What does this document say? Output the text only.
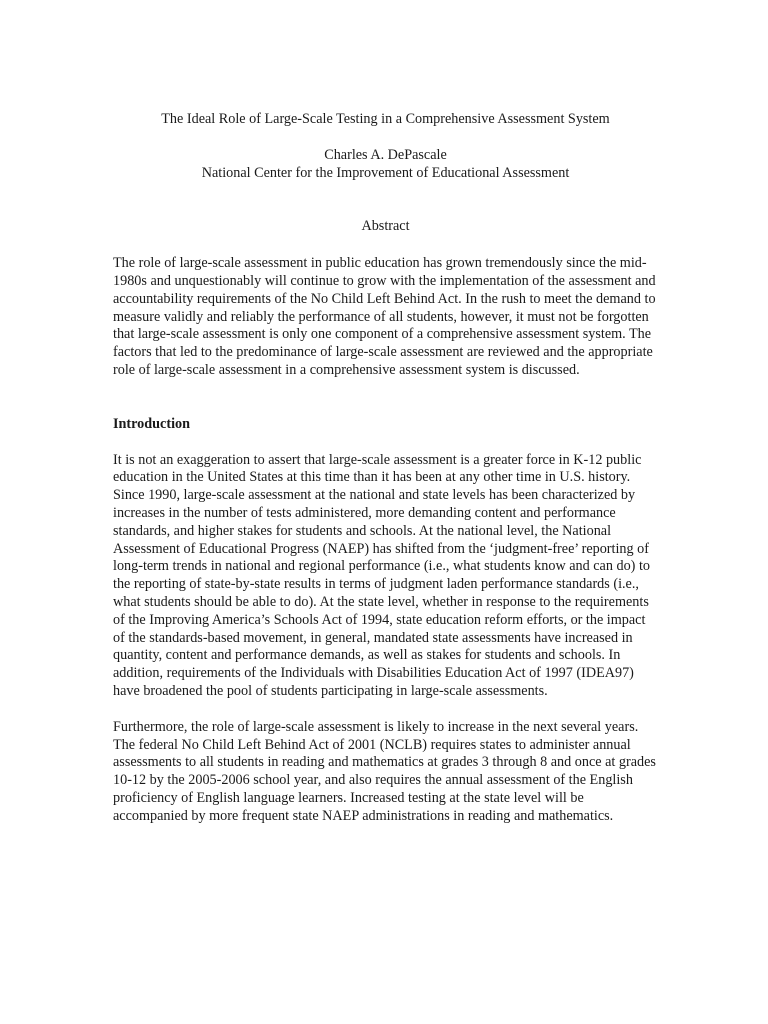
The Ideal Role of Large-Scale Testing in a Comprehensive Assessment System
Charles A. DePascale
National Center for the Improvement of Educational Assessment
Abstract

The role of large-scale assessment in public education has grown tremendously since the mid-1980s and unquestionably will continue to grow with the implementation of the assessment and accountability requirements of the No Child Left Behind Act. In the rush to meet the demand to measure validly and reliably the performance of all students, however, it must not be forgotten that large-scale assessment is only one component of a comprehensive assessment system. The factors that led to the predominance of large-scale assessment are reviewed and the appropriate role of large-scale assessment in a comprehensive assessment system is discussed.

Introduction

It is not an exaggeration to assert that large-scale assessment is a greater force in K-12 public education in the United States at this time than it has been at any other time in U.S. history. Since 1990, large-scale assessment at the national and state levels has been characterized by increases in the number of tests administered, more demanding content and performance standards, and higher stakes for students and schools. At the national level, the National Assessment of Educational Progress (NAEP) has shifted from the ‘judgment-free’ reporting of long-term trends in national and regional performance (i.e., what students know and can do) to the reporting of state-by-state results in terms of judgment laden performance standards (i.e., what students should be able to do). At the state level, whether in response to the requirements of the Improving America’s Schools Act of 1994, state education reform efforts, or the impact of the standards-based movement, in general, mandated state assessments have increased in quantity, content and performance demands, as well as stakes for students and schools. In addition, requirements of the Individuals with Disabilities Education Act of 1997 (IDEA97) have broadened the pool of students participating in large-scale assessments.

Furthermore, the role of large-scale assessment is likely to increase in the next several years. The federal No Child Left Behind Act of 2001 (NCLB) requires states to administer annual assessments to all students in reading and mathematics at grades 3 through 8 and once at grades 10-12 by the 2005-2006 school year, and also requires the annual assessment of the English proficiency of English language learners. Increased testing at the state level will be accompanied by more frequent state NAEP administrations in reading and mathematics.
